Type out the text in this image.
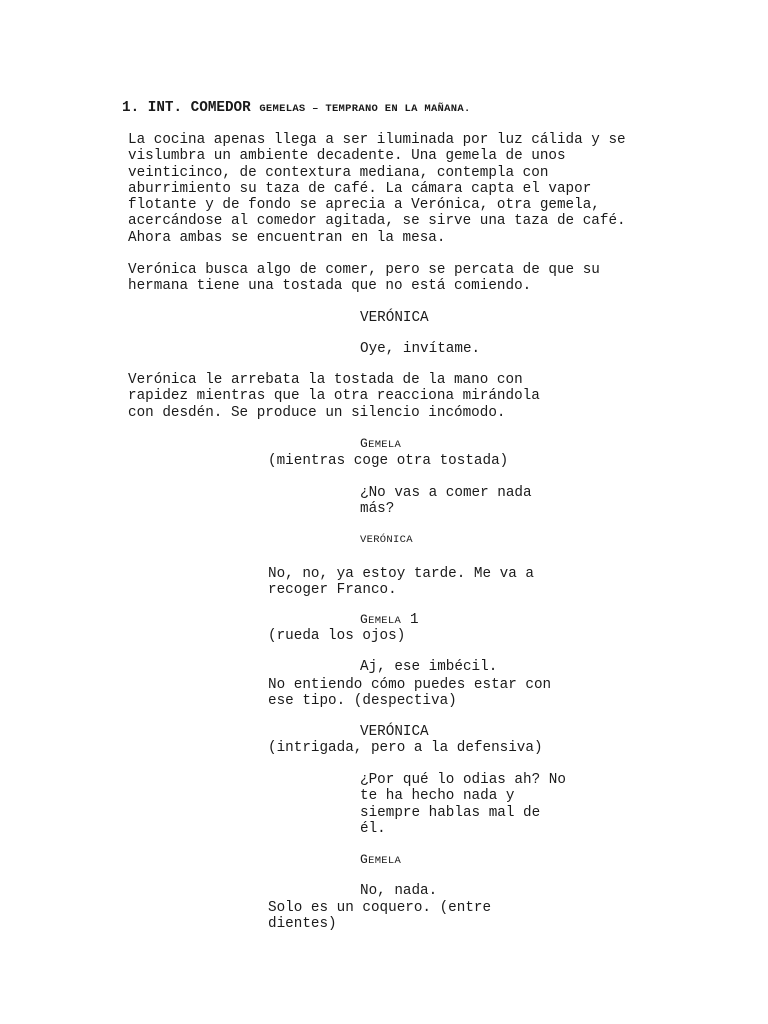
1. INT. COMEDOR GEMELAS – TEMPRANO EN LA MAÑANA.
La cocina apenas llega a ser iluminada por luz cálida y se
vislumbra un ambiente decadente. Una gemela de unos
veinticinco, de contextura mediana, contempla con
aburrimiento su taza de café. La cámara capta el vapor
flotante y de fondo se aprecia a Verónica, otra gemela,
acercándose al comedor agitada, se sirve una taza de café.
Ahora ambas se encuentran en la mesa.
Verónica busca algo de comer, pero se percata de que su
hermana tiene una tostada que no está comiendo.
VERÓNICA
Oye, invítame.
Verónica le arrebata la tostada de la mano con
rapidez mientras que la otra reacciona mirándola
con desdén. Se produce un silencio incómodo.
GEMELA
(mientras coge otra tostada)
¿No vas a comer nada
más?
VERÓNICA
No, no, ya estoy tarde. Me va a
recoger Franco.
GEMELA 1
(rueda los ojos)
Aj, ese imbécil.
No entiendo cómo puedes estar con
ese tipo. (despectiva)
VERÓNICA
(intrigada, pero a la defensiva)
¿Por qué lo odias ah? No
te ha hecho nada y
siempre hablas mal de
él.
GEMELA
No, nada.
Solo es un coquero. (entre
dientes)
